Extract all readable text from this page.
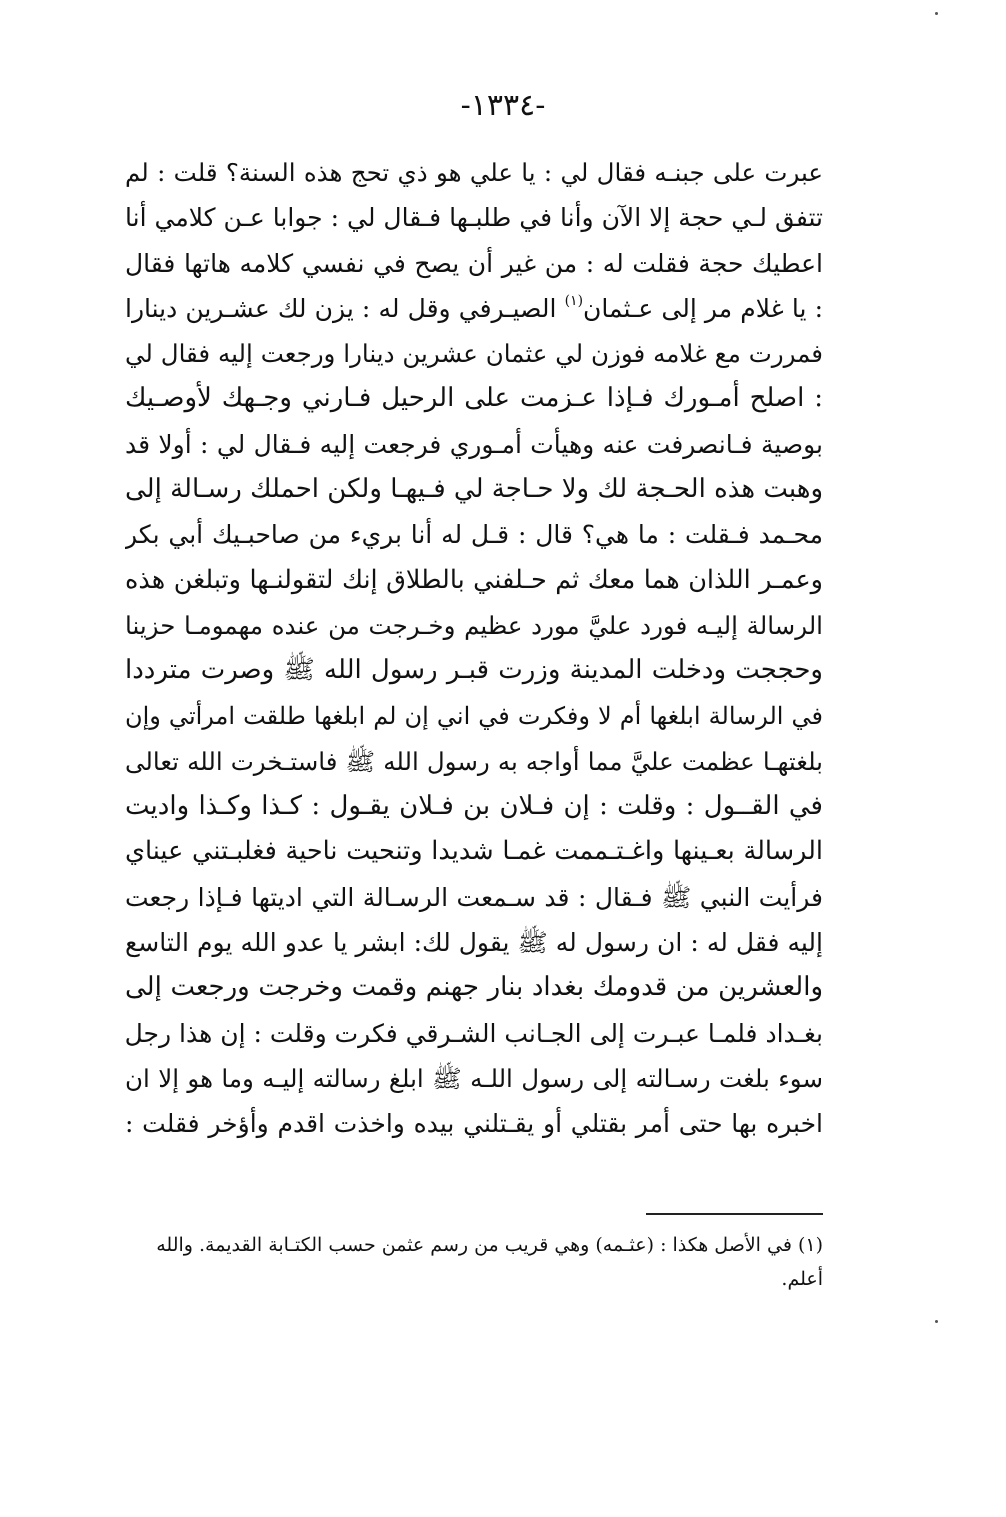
-١٣٣٤-
عبرت على جبنـه فقال لي : يا علي هو ذي تحج هذه السنة؟ قلت : لم
تتفق لـي حجة إلا الآن وأنا في طلبـها فـقال لي : جوابا عـن كلامي أنا
اعطيك حجة فقلت له : من غير أن يصح في نفسي كلامه هاتها فقال
: يا غلام مر إلى عـثمان$^{(١)}$ الصيـرفي وقل له : يزن لك عشـرين دينارا
فمررت مع غلامه فوزن لي عثمان عشرين دينارا ورجعت إليه فقال لي
: اصلح أمـورك فـإذا عـزمت على الرحيل فـارني وجـهك لأوصـيك
بوصية فـانصرفت عنه وهيأت أمـوري فرجعت إليه فـقال لي : أولا قد
وهبت هذه الحـجة لك ولا حـاجة لي فـيهـا ولكن احملك رسـالة إلى
محـمد فـقلت : ما هي؟ قال : قـل له أنا بريء من صاحبـيك أبي بكر
وعمـر اللذان هما معك ثم حـلفني بالطلاق إنك لتقولنـها وتبلغن هذه
الرسالة إليـه فورد عليَّ مورد عظيم وخـرجت من عنده مهمومـا حزينا
وحججت ودخلت المدينة وزرت قبـر رسول الله ﷺ وصرت مترددا
في الرسالة ابلغها أم لا وفكرت في اني إن لم ابلغها طلقت امرأتي وإن
بلغتهـا عظمت عليَّ مما أواجه به رسول الله ﷺ فاستـخرت الله تعالى
في القــول : وقلت : إن فـلان بن فـلان يقـول : كـذا وكـذا واديت
الرسالة بعـينها واغـتـممت غمـا شديدا وتنحيت ناحية فغلبـتني عيناي
فرأيت النبي ﷺ فـقال : قد سـمعت الرسـالة التي اديتها فـإذا رجعت
إليه فقل له : ان رسول له ﷺ يقول لك: ابشر يا عدو الله يوم التاسع
والعشرين من قدومك بغداد بنار جهنم وقمت وخرجت ورجعت إلى
بغـداد فلمـا عبـرت إلى الجـانب الشـرقي فكرت وقلت : إن هذا رجل
سوء بلغت رسـالته إلى رسول اللـه ﷺ ابلغ رسالته إليـه وما هو إلا ان
اخبره بها حتى أمر بقتلي أو يقـتلني بيده واخذت اقدم وأؤخر فقلت :
(١) في الأصل هكذا : (عثـمه) وهي قريب من رسم عثمن حسب الكتـابة القديمة. والله
أعلم.
